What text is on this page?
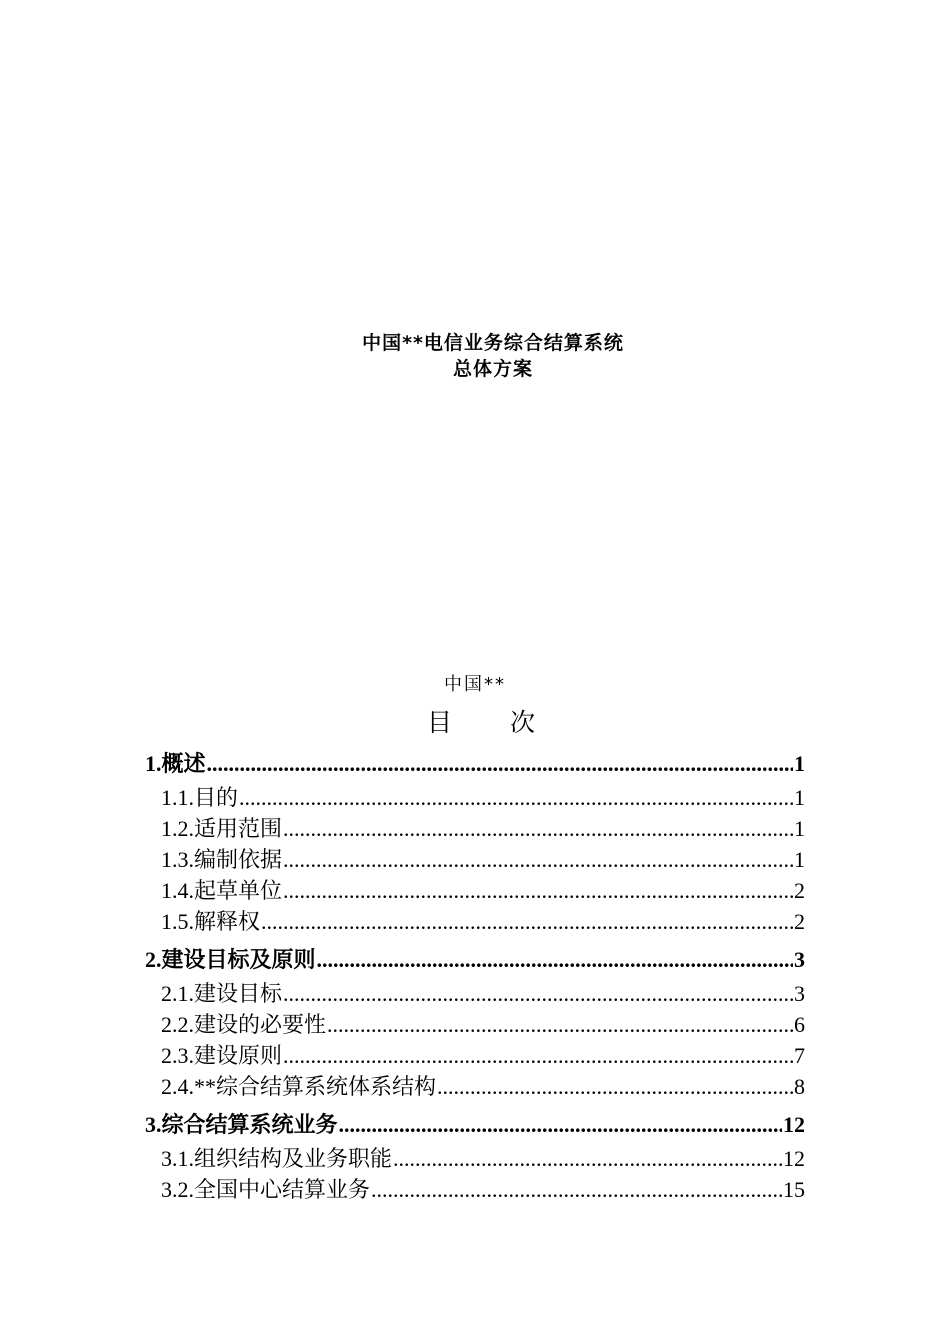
中国**电信业务综合结算系统
总体方案
中国**
目 次
1. 概述 .....	1
1.1. 目的 .....	1
1.2. 适用范围 .....	1
1.3. 编制依据 .....	1
1.4. 起草单位 .....	2
1.5. 解释权 .....	2
2. 建设目标及原则 .....	3
2.1. 建设目标 .....	3
2.2. 建设的必要性 .....	6
2.3. 建设原则 .....	7
2.4. **综合结算系统体系结构 .....	8
3. 综合结算系统业务 .....	12
3.1. 组织结构及业务职能 .....	12
3.2. 全国中心结算业务 .....	15
